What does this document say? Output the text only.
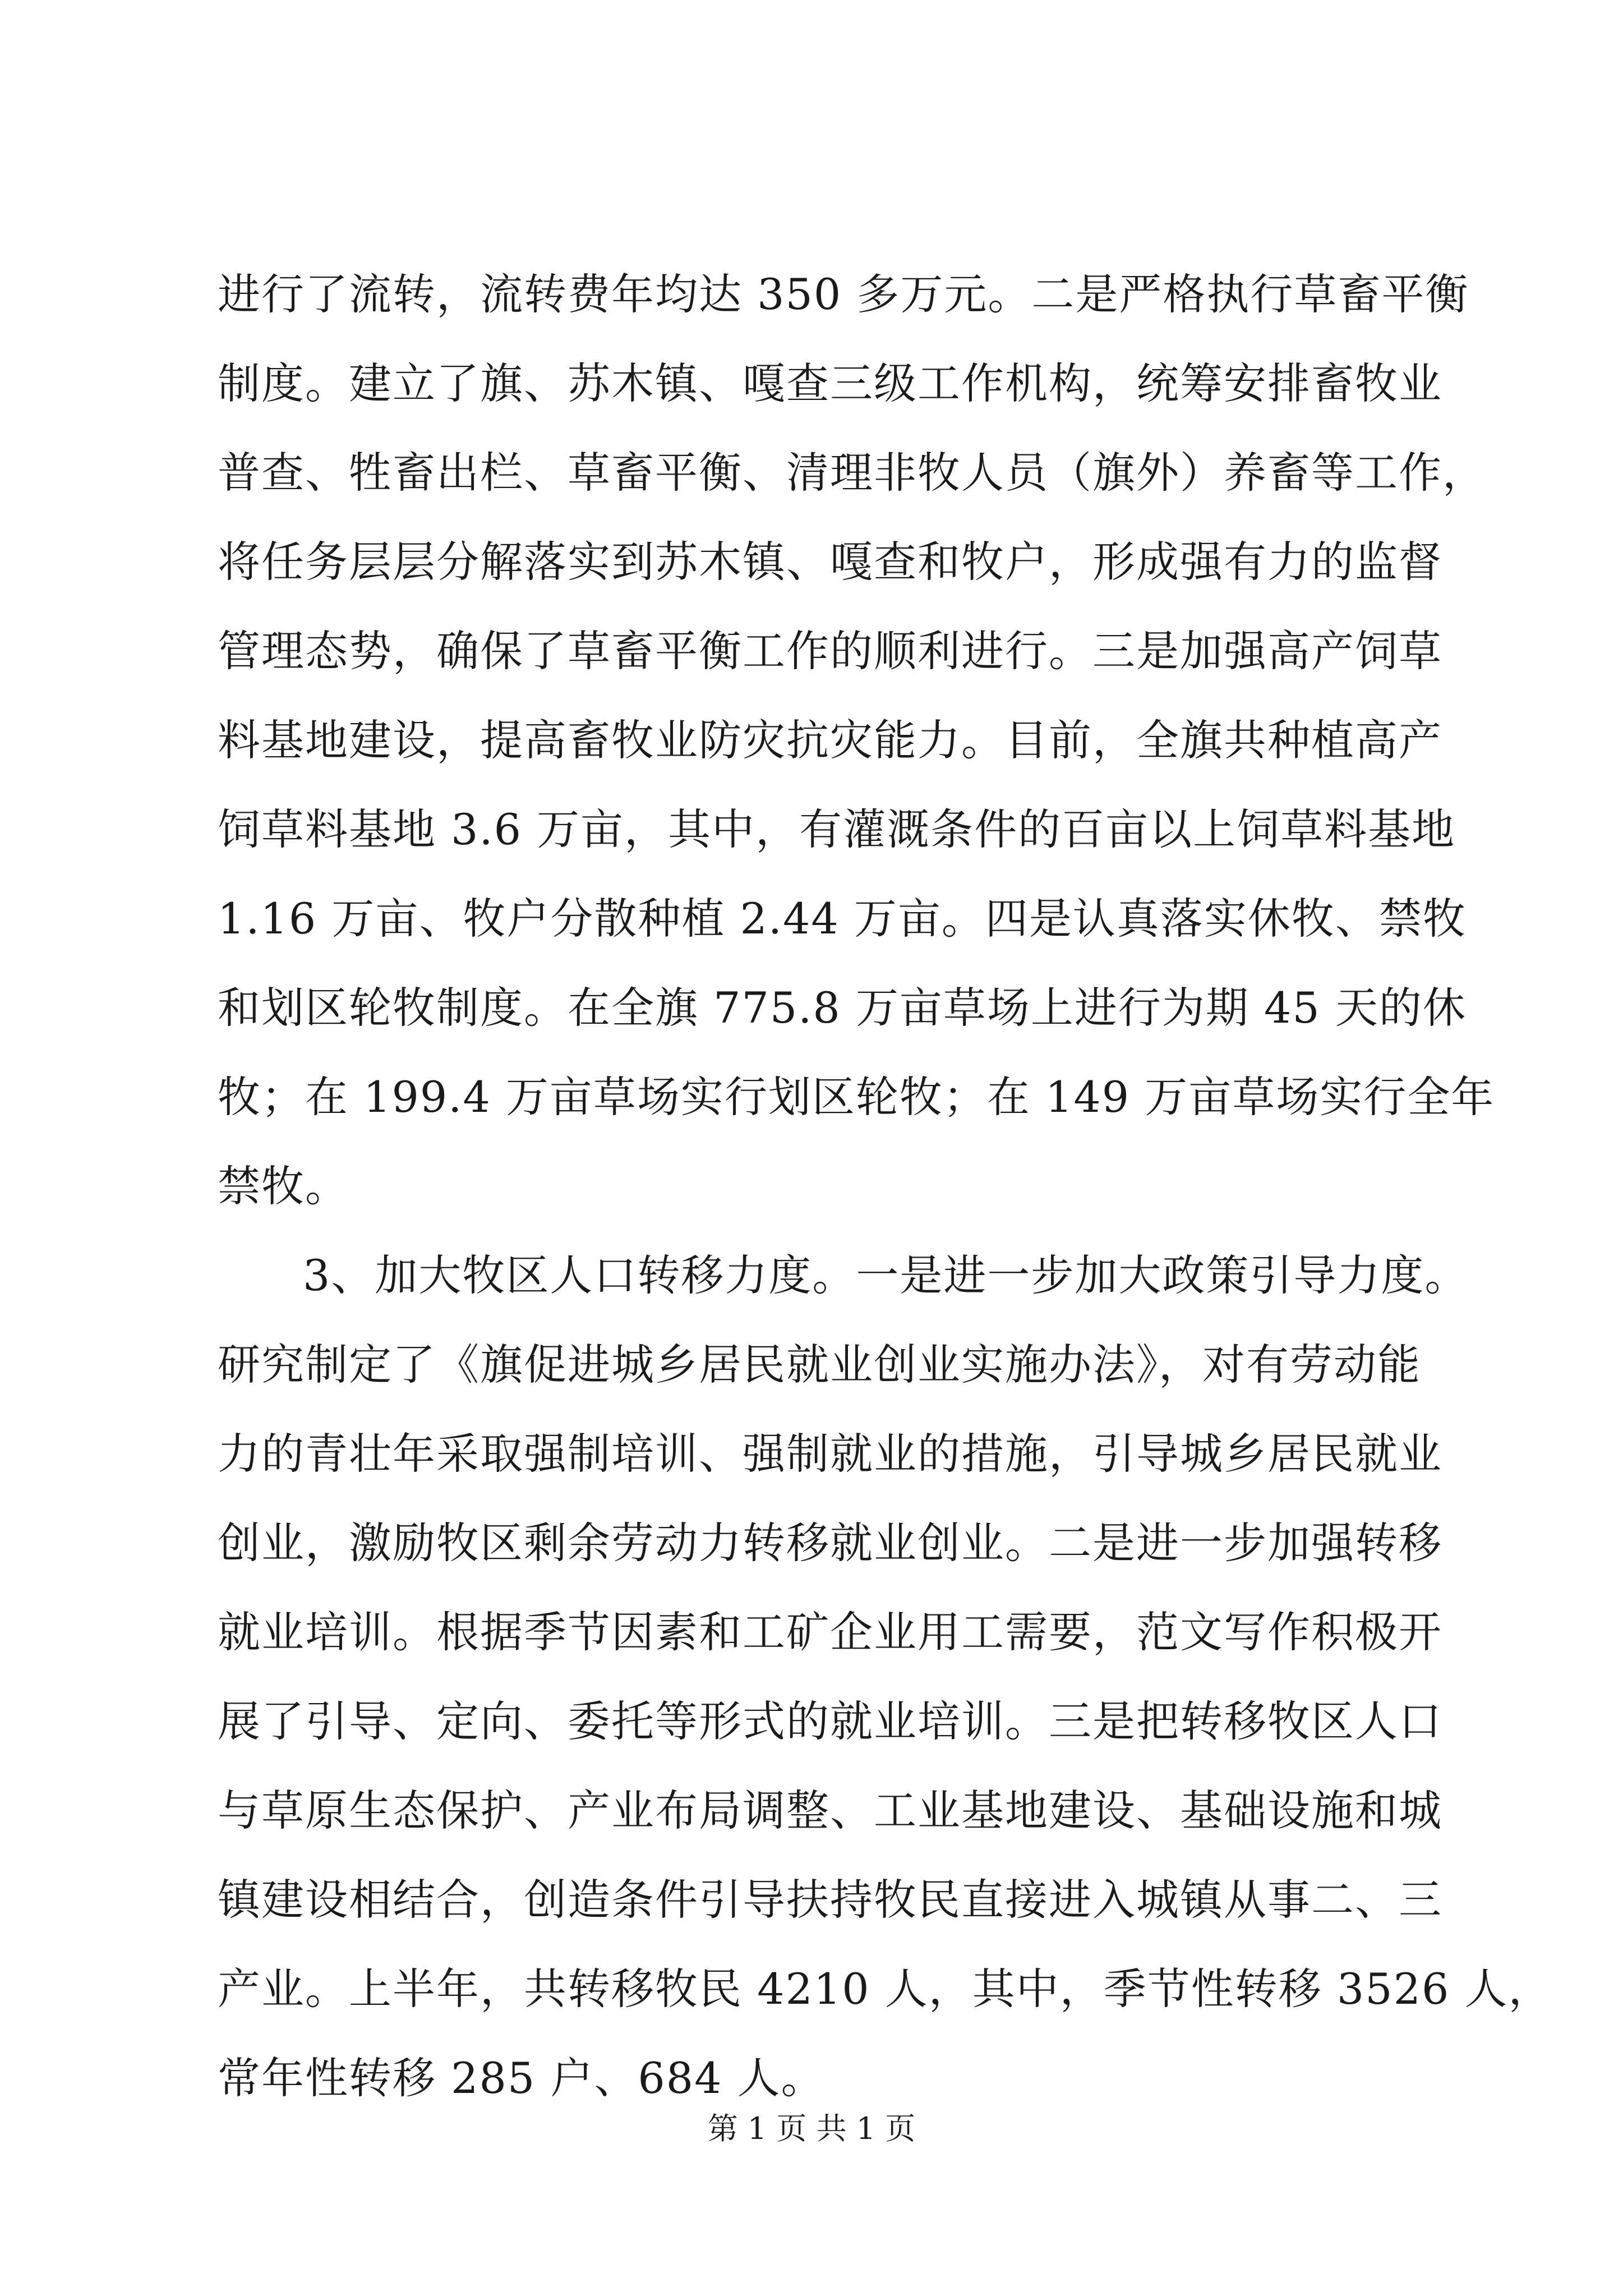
进行了流转，流转费年均达 350 多万元。二是严格执行草畜平衡
制度。建立了旗、苏木镇、嘎查三级工作机构，统筹安排畜牧业
普查、牲畜出栏、草畜平衡、清理非牧人员（旗外）养畜等工作，
将任务层层分解落实到苏木镇、嘎查和牧户，形成强有力的监督
管理态势，确保了草畜平衡工作的顺利进行。三是加强高产饲草
料基地建设，提高畜牧业防灾抗灾能力。目前，全旗共种植高产
饲草料基地 3.6 万亩，其中，有灌溉条件的百亩以上饲草料基地
1.16 万亩、牧户分散种植 2.44 万亩。四是认真落实休牧、禁牧
和划区轮牧制度。在全旗 775.8 万亩草场上进行为期 45 天的休
牧；在 199.4 万亩草场实行划区轮牧；在 149 万亩草场实行全年
禁牧。
3、加大牧区人口转移力度。一是进一步加大政策引导力度。
研究制定了《旗促进城乡居民就业创业实施办法》，对有劳动能
力的青壮年采取强制培训、强制就业的措施，引导城乡居民就业
创业，激励牧区剩余劳动力转移就业创业。二是进一步加强转移
就业培训。根据季节因素和工矿企业用工需要，范文写作积极开
展了引导、定向、委托等形式的就业培训。三是把转移牧区人口
与草原生态保护、产业布局调整、工业基地建设、基础设施和城
镇建设相结合，创造条件引导扶持牧民直接进入城镇从事二、三
产业。上半年，共转移牧民 4210 人，其中，季节性转移 3526 人，
常年性转移 285 户、684 人。
第 1 页 共 1 页
